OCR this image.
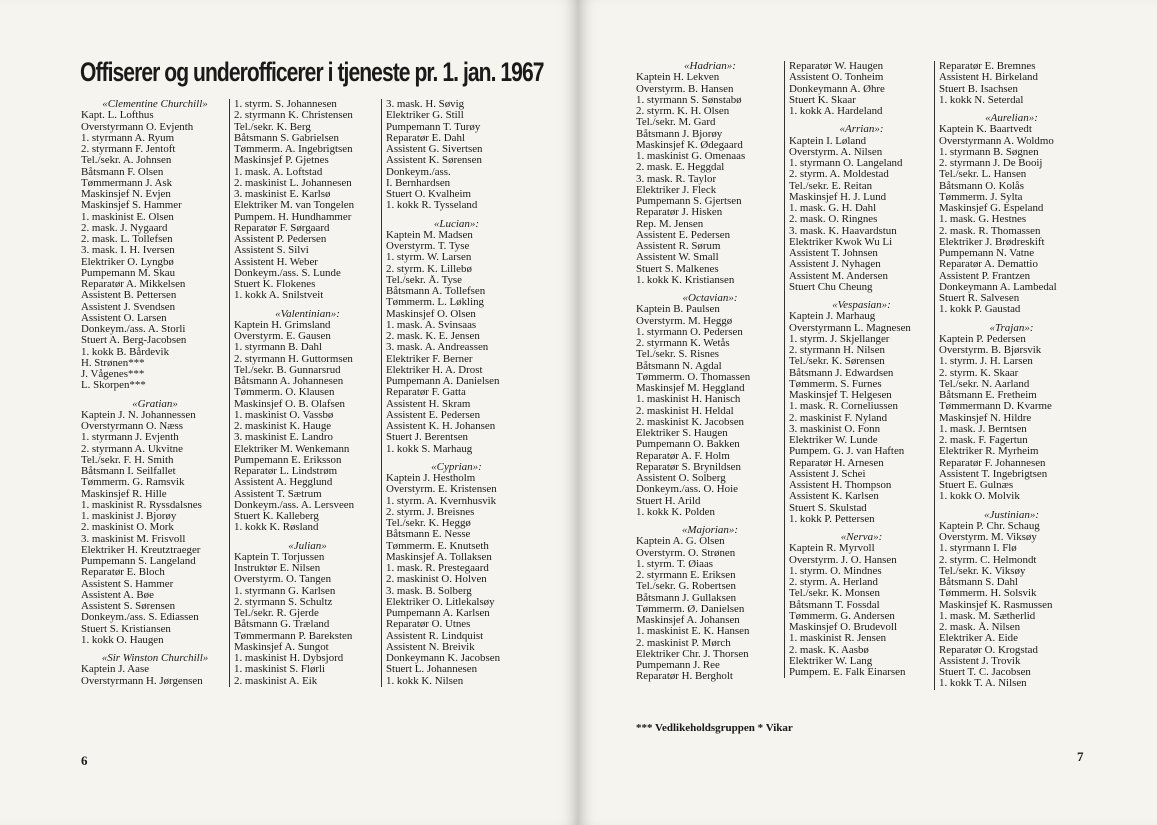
Offiserer og underofficerer i tjeneste pr. 1. jan. 1967
«Clementine Churchill»
Kapt. L. Lofthus
Overstyrmann O. Evjenth
1. styrmann A. Ryum
2. styrmann F. Jentoft
Tel./sekr. A. Johnsen
Båtsmann F. Olsen
Tømmermann J. Ask
Maskinsjef N. Evjen
Maskinsjef S. Hammer
1. maskinist E. Olsen
2. mask. J. Nygaard
2. mask. L. Tollefsen
3. mask. I. H. Iversen
Elektriker O. Lyngbø
Pumpemann M. Skau
Reparatør A. Mikkelsen
Assistent B. Pettersen
Assistent J. Svendsen
Assistent O. Larsen
Donkeym./ass. A. Storli
Stuert A. Berg-Jacobsen
1. kokk B. Bårdevik
H. Strønen***
J. Vågenes***
L. Skorpen***
«Gratian»
Kaptein J. N. Johannessen
Overstyrmann O. Næss
1. styrmann J. Evjenth
2. styrmann A. Ukvitne
Tel./sekr. F. H. Smith
Båtsmann I. Seilfallet
Tømmerm. G. Ramsvik
Maskinsjef R. Hille
1. maskinist R. Ryssdalsnes
1. maskinist J. Bjorøy
2. maskinist O. Mork
3. maskinist M. Frisvoll
Elektriker H. Kreutztraeger
Pumpemann S. Langeland
Reparatør E. Bloch
Assistent S. Hammer
Assistent A. Bøe
Assistent S. Sørensen
Donkeym./ass. S. Ediassen
Stuert S. Kristiansen
1. kokk O. Haugen
«Sir Winston Churchill»
Kaptein J. Aase
Overstyrmann H. Jørgensen
1. styrm. S. Johannesen
2. styrmann K. Christensen
Tel./sekr. K. Berg
Båtsmann S. Gabrielsen
Tømmerm. A. Ingebrigtsen
Maskinsjef P. Gjetnes
1. mask. A. Loftstad
2. maskinist L. Johannesen
3. maskinist E. Karlsø
Elektriker M. van Tongelen
Pumpem. H. Hundhammer
Reparatør F. Sørgaard
Assistent P. Pedersen
Assistent S. Silvi
Assistent H. Weber
Donkeym./ass. S. Lunde
Stuert K. Flokenes
1. kokk A. Snilstveit
«Valentinian»:
Kaptein H. Grimsland
Overstyrm. E. Gausen
1. styrmann B. Dahl
2. styrmann H. Guttormsen
Tel./sekr. B. Gunnarsrud
Båtsmann A. Johannesen
Tømmerm. O. Klausen
Maskinsjef O. B. Olafsen
1. maskinist O. Vassbø
2. maskinist K. Hauge
3. maskinist E. Landro
Elektriker M. Wenkemann
Pumpemann E. Eriksson
Reparatør L. Lindstrøm
Assistent A. Hegglund
Assistent T. Sætrum
Donkeym./ass. A. Lersveen
Stuert K. Kalleberg
1. kokk K. Røsland
«Julian»
Kaptein T. Torjussen
Instruktør E. Nilsen
Overstyrm. O. Tangen
1. styrmann G. Karlsen
2. styrmann S. Schultz
Tel./sekr. R. Gjerde
Båtsmann G. Træland
Tømmermann P. Bareksten
Maskinsjef A. Sungot
1. maskinist H. Dybsjord
1. maskinist S. Flørli
2. maskinist A. Eik
3. mask. H. Søvig
Elektriker G. Still
Pumpemann T. Turøy
Reparatør E. Dahl
Assistent G. Sivertsen
Assistent K. Sørensen
Donkeym./ass.
I. Bernhardsen
Stuert O. Kvalheim
1. kokk R. Tysseland
«Lucian»:
Kaptein M. Madsen
Overstyrm. T. Tyse
1. styrm. W. Larsen
2. styrm. K. Lillebø
Tel./sekr. Å. Tyse
Båtsmann A. Tollefsen
Tømmerm. L. Løkling
Maskinsjef O. Olsen
1. mask. A. Svinsaas
2. mask. K. E. Jensen
3. mask. A. Andreassen
Elektriker F. Berner
Elektriker H. A. Drost
Pumpemann A. Danielsen
Reparatør F. Gatta
Assistent H. Skram
Assistent E. Pedersen
Assistent K. H. Johansen
Stuert J. Berentsen
1. kokk S. Marhaug
«Cyprian»:
Kaptein J. Hestholm
Overstyrm. E. Kristensen
1. styrm. A. Kvernhusvik
2. styrm. J. Breisnes
Tel./sekr. K. Heggø
Båtsmann E. Nesse
Tømmerm. E. Knutseth
Maskinsjef A. Tollaksen
1. mask. R. Prestegaard
2. maskinist O. Holven
3. mask. B. Solberg
Elektriker O. Litlekalsøy
Pumpemann A. Karlsen
Reparatør O. Utnes
Assistent R. Lindquist
Assistent N. Breivik
Donkeymann K. Jacobsen
Stuert L. Johannesen
1. kokk K. Nilsen
«Hadrian»:
Kaptein H. Lekven
Overstyrm. B. Hansen
1. styrmann S. Sønstabø
2. styrm. K. H. Olsen
Tel./sekr. M. Gard
Båtsmann J. Bjorøy
Maskinsjef K. Ødegaard
1. maskinist G. Omenaas
2. mask. E. Heggdal
3. mask. R. Taylor
Elektriker J. Fleck
Pumpemann S. Gjertsen
Reparatør J. Hisken
Rep. M. Jensen
Assistent E. Pedersen
Assistent R. Sørum
Assistent W. Small
Stuert S. Malkenes
1. kokk K. Kristiansen
«Octavian»:
Kaptein B. Paulsen
Overstyrm. M. Heggø
1. styrmann O. Pedersen
2. styrmann K. Wetås
Tel./sekr. S. Risnes
Båtsmann N. Agdal
Tømmerm. O. Thomassen
Maskinsjef M. Heggland
1. maskinist H. Hanisch
2. maskinist H. Heldal
2. maskinist K. Jacobsen
Elektriker S. Haugen
Pumpemann O. Bakken
Reparatør A. F. Holm
Reparatør S. Brynildsen
Assistent O. Solberg
Donkeym./ass. O. Hoie
Stuert H. Arild
1. kokk K. Polden
«Majorian»:
Kaptein A. G. Olsen
Overstyrm. O. Strønen
1. styrm. T. Øiaas
2. styrmann E. Eriksen
Tel./sekr. G. Robertsen
Båtsmann J. Gullaksen
Tømmerm. Ø. Danielsen
Maskinsjef A. Johansen
1. maskinist E. K. Hansen
2. maskinist P. Mørch
Elektriker Chr. J. Thorsen
Pumpemann J. Ree
Reparatør H. Bergholt
Reparatør W. Haugen
Assistent O. Tonheim
Donkeymann A. Øhre
Stuert K. Skaar
1. kokk A. Hardeland
«Arrian»:
Kaptein I. Løland
Overstyrm. A. Nilsen
1. styrmann O. Langeland
2. styrm. A. Moldestad
Tel./sekr. E. Reitan
Maskinsjef H. J. Lund
1. mask. G. H. Dahl
2. mask. O. Ringnes
3. mask. K. Haavardstun
Elektriker Kwok Wu Li
Assistent T. Johnsen
Assistent J. Nyhagen
Assistent M. Andersen
Stuert Chu Cheung
«Vespasian»:
Kaptein J. Marhaug
Overstyrmann L. Magnesen
1. styrm. J. Skjellanger
2. styrmann H. Nilsen
Tel./sekr. K. Sørensen
Båtsmann J. Edwardsen
Tømmerm. S. Furnes
Maskinsjef T. Helgesen
1. mask. R. Corneliussen
2. maskinist F. Nyland
3. maskinist O. Fonn
Elektriker W. Lunde
Pumpem. G. J. van Haften
Reparatør H. Arnesen
Assistent J. Schei
Assistent H. Thompson
Assistent K. Karlsen
Stuert S. Skulstad
1. kokk P. Pettersen
«Nerva»:
Kaptein R. Myrvoll
Overstyrm. J. O. Hansen
1. styrm. O. Mindnes
2. styrm. A. Herland
Tel./sekr. K. Monsen
Båtsmann T. Fossdal
Tømmerm. G. Andersen
Maskinsjef O. Brudevoll
1. maskinist R. Jensen
2. mask. K. Aasbø
Elektriker W. Lang
Pumpem. E. Falk Einarsen
Reparatør E. Bremnes
Assistent H. Birkeland
Stuert B. Isachsen
1. kokk N. Seterdal
«Aurelian»:
Kaptein K. Baartvedt
Overstyrmann A. Woldmo
1. styrmann B. Søgnen
2. styrmann J. De Booij
Tel./sekr. L. Hansen
Båtsmann O. Kolås
Tømmerm. J. Sylta
Maskinsjef G. Espeland
1. mask. G. Hestnes
2. mask. R. Thomassen
Elektriker J. Brødreskift
Pumpemann N. Vatne
Reparatør A. Demattio
Assistent P. Frantzen
Donkeymann A. Lambedal
Stuert R. Salvesen
1. kokk P. Gaustad
«Trajan»:
Kaptein P. Pedersen
Overstyrm. B. Bjørsvik
1. styrm. J. H. Larsen
2. styrm. K. Skaar
Tel./sekr. N. Aarland
Båtsmann E. Fretheim
Tømmermann D. Kvarme
Maskinsjef N. Hildre
1. mask. J. Berntsen
2. mask. F. Fagertun
Elektriker R. Myrheim
Reparatør F. Johannesen
Assistent T. Ingebrigtsen
Stuert E. Gulnæs
1. kokk O. Molvik
«Justinian»:
Kaptein P. Chr. Schaug
Overstyrm. M. Viksøy
1. styrmann I. Flø
2. styrm. C. Helmondt
Tel./sekr. K. Viksøy
Båtsmann S. Dahl
Tømmerm. H. Solsvik
Maskinsjef K. Rasmussen
1. mask. M. Sætherlid
2. mask. Å. Nilsen
Elektriker A. Eide
Reparatør O. Krogstad
Assistent J. Trovik
Stuert T. C. Jacobsen
1. kokk T. A. Nilsen
*** Vedlikeholdsgruppen * Vikar
6	7
